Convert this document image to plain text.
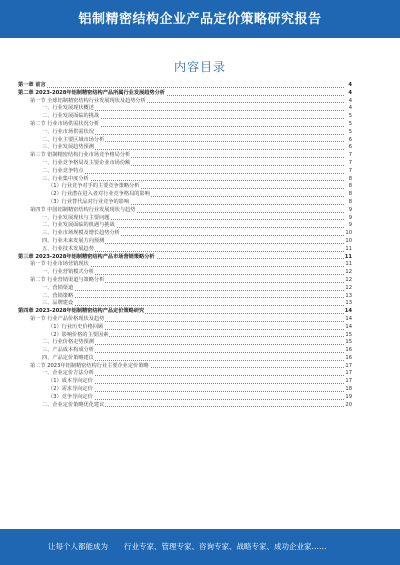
铝制精密结构企业产品定价策略研究报告
内容目录
第一章 前言	4
第二章 2023-2028年铝制精密结构产品所属行业发展趋势分析	4
第一节 全球铝制精密结构行业发展现状及趋势分析	4
一、行业发展现状概述	4
二、行业发展面临的挑战	5
第二节 行业市场供需状况分析	5
一、行业市场供需状况	5
二、行业主要区域市场分析	6
三、行业发展趋势预测	6
第三节 铝制精密结构行业市场竞争格局分析	7
一、行业竞争格局及主要企业市场份额	7
二、行业竞争特点	7
三、行业集中度分析	8
（1）行业竞争对手的主要竞争策略分析	8
（2）行业潜在进入者对行业竞争格局的影响	8
（3）行业替代品对行业竞争的影响	8
第四节 中国铝制精密结构行业发展现状与趋势	9
一、行业发展现状与主要问题	9
二、行业发展面临的机遇与挑战	9
三、行业市场规模及增长趋势分析	10
四、行业未来发展方向预测	10
五、行业技术发展趋势	11
第三章 2023-2028年铝制精密结构产品市场营销策略分析	11
第一节 行业市场营销现状	11
一、行业营销模式分析	12
第二节 行业营销渠道与策略分析	12
一、营销渠道	12
二、营销策略	13
三、品牌建设	13
第四章 2023-2028年铝制精密结构产品定价策略研究	14
第一节 行业产品价格现状及趋势	14
（1）行业历史价格回顾	14
（2）影响价格的主要因素	15
二、行业价格走势预测	15
三、产品成本构成分析	16
四、产品定价策略建议	16
第二节 2023年铝制精密结构行业主要企业定价策略	17
一、企业定价方法分析	17
（1）成本导向定价	17
（2）需求导向定价	18
（3）竞争导向定价	19
二、企业定价策略优化建议	20
让每个人都能成为 行业专家、管理专家、咨询专家、战略专家、成功企业家……
